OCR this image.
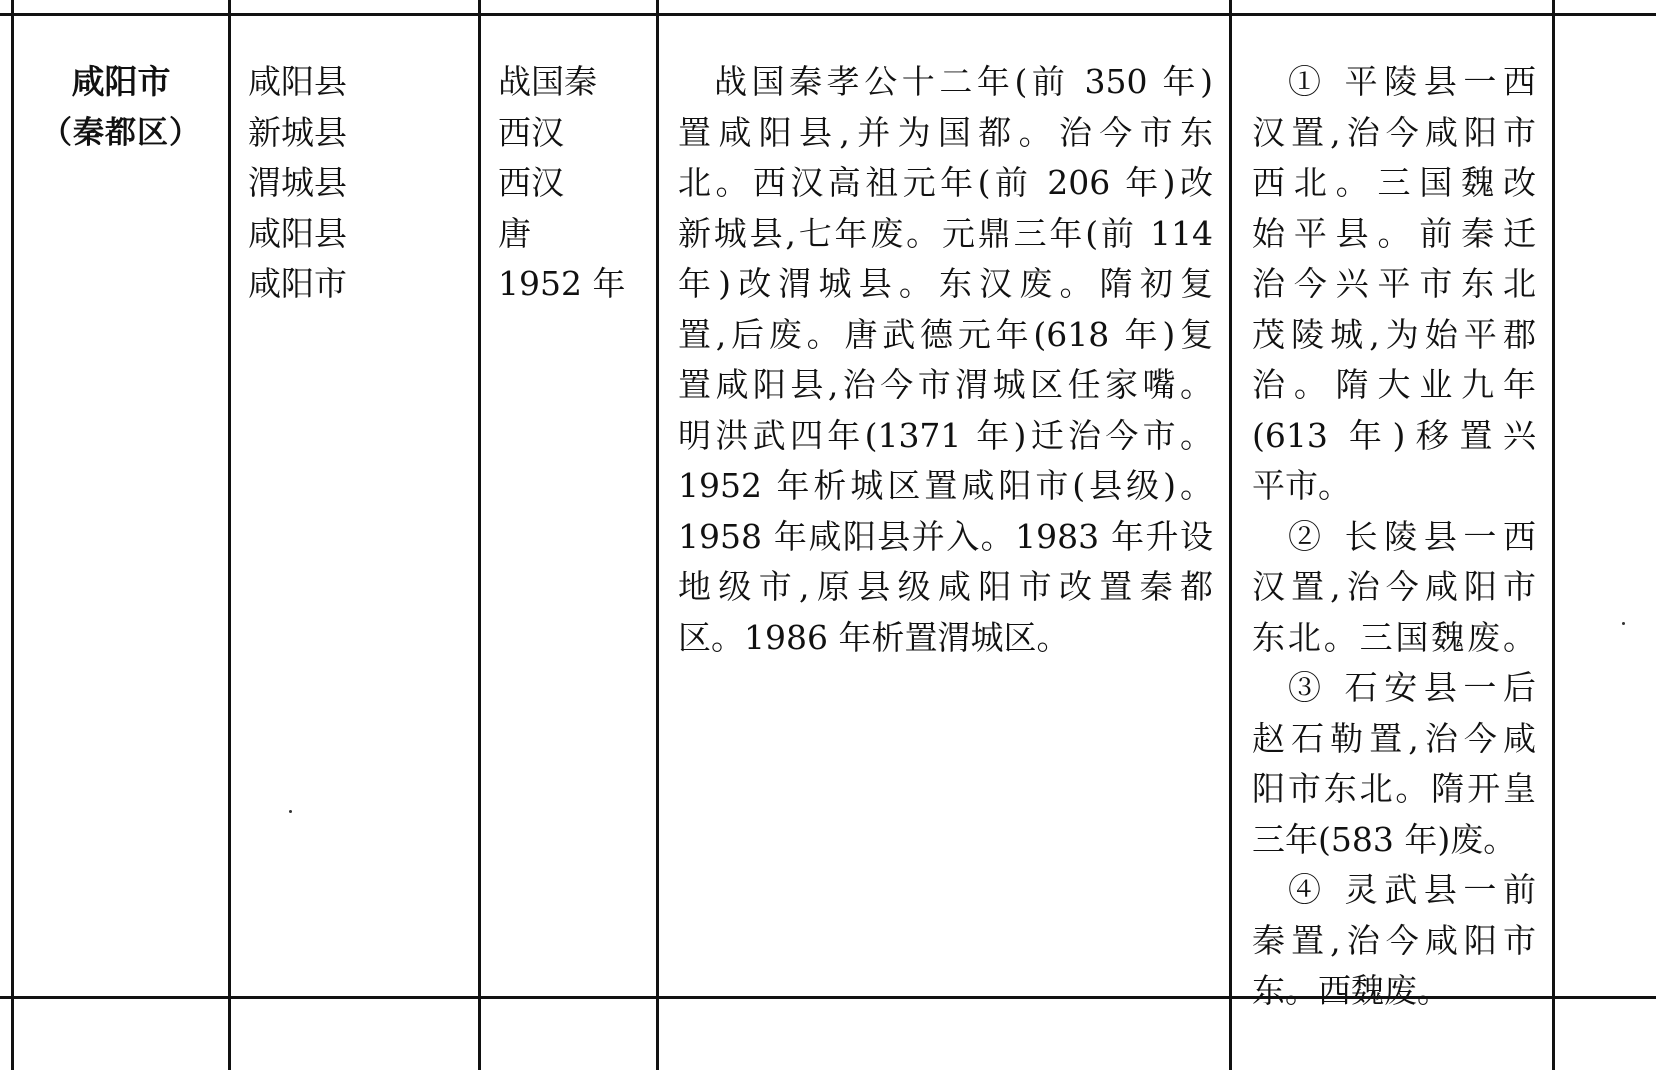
咸阳市
（秦都区）
咸阳县
新城县
渭城县
咸阳县
咸阳市
战国秦
西汉
西汉
唐
1952 年
战国秦孝公十二年(前 350 年)
置咸阳县,并为国都。治今市东
北。西汉高祖元年(前 206 年)改
新城县,七年废。元鼎三年(前 114
年)改渭城县。东汉废。隋初复
置,后废。唐武德元年(618 年)复
置咸阳县,治今市渭城区任家嘴。
明洪武四年(1371 年)迁治今市。
1952 年析城区置咸阳市(县级)。
1958 年咸阳县并入。1983 年升设
地级市,原县级咸阳市改置秦都
区。1986 年析置渭城区。
① 平陵县一西
汉置,治今咸阳市
西北。三国魏改
始平县。前秦迁
治今兴平市东北
茂陵城,为始平郡
治。隋大业九年
(613 年)移置兴
平市。
② 长陵县一西
汉置,治今咸阳市
东北。三国魏废。
③ 石安县一后
赵石勒置,治今咸
阳市东北。隋开皇
三年(583 年)废。
④ 灵武县一前
秦置,治今咸阳市
东。西魏废。
